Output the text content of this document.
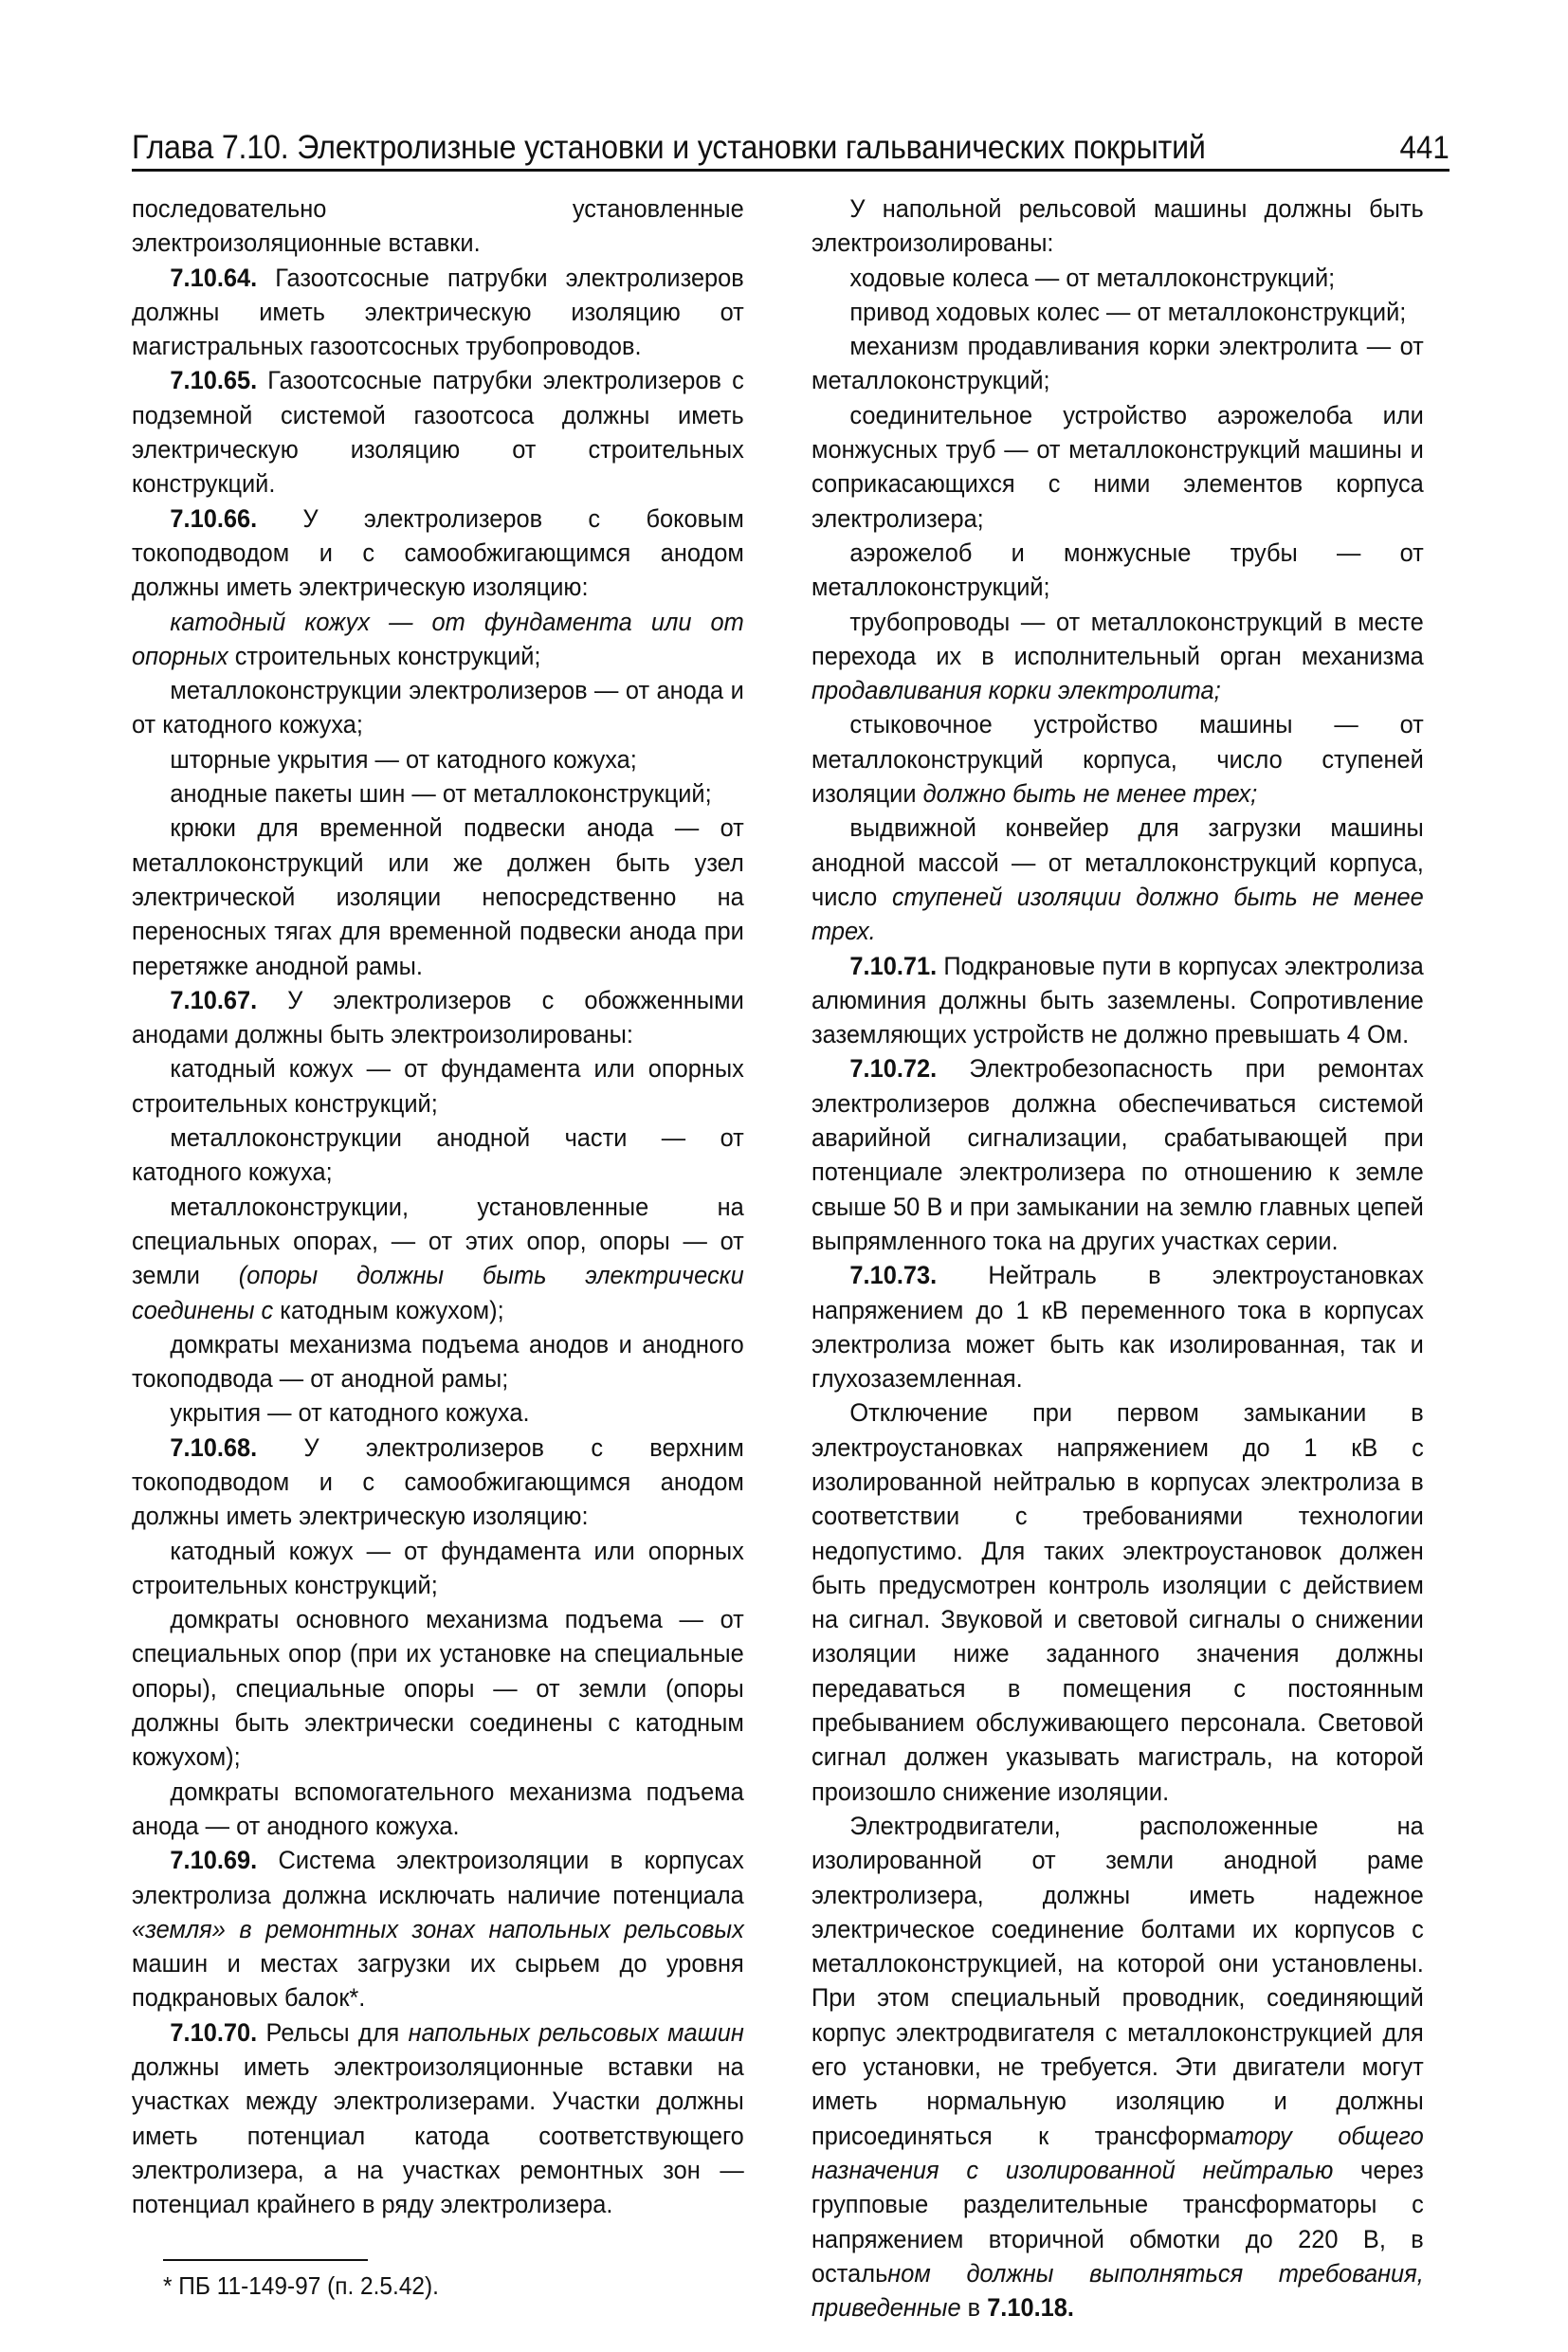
Глава 7.10. Электролизные установки и установки гальванических покрытий	441

последовательно установленные электроизоляционные вставки.

7.10.64. Газоотсосные патрубки электролизеров должны иметь электрическую изоляцию от магистральных газоотсосных трубопроводов.

7.10.65. Газоотсосные патрубки электролизеров с подземной системой газоотсоса должны иметь электрическую изоляцию от строительных конструкций.

7.10.66. У электролизеров с боковым токоподводом и с самообжигающимся анодом должны иметь электрическую изоляцию:

катодный кожух — от фундамента или от опорных строительных конструкций;

металлоконструкции электролизеров — от анода и от катодного кожуха;

шторные укрытия — от катодного кожуха;

анодные пакеты шин — от металлоконструкций;

крюки для временной подвески анода — от металлоконструкций или же должен быть узел электрической изоляции непосредственно на переносных тягах для временной подвески анода при перетяжке анодной рамы.

7.10.67. У электролизеров с обожженными анодами должны быть электроизолированы:

катодный кожух — от фундамента или опорных строительных конструкций;

металлоконструкции анодной части — от катодного кожуха;

металлоконструкции, установленные на специальных опорах, — от этих опор, опоры — от земли (опоры должны быть электрически соединены с катодным кожухом);

домкраты механизма подъема анодов и анодного токоподвода — от анодной рамы;

укрытия — от катодного кожуха.

7.10.68. У электролизеров с верхним токоподводом и с самообжигающимся анодом должны иметь электрическую изоляцию:

катодный кожух — от фундамента или опорных строительных конструкций;

домкраты основного механизма подъема — от специальных опор (при их установке на специальные опоры), специальные опоры — от земли (опоры должны быть электрически соединены с катодным кожухом);

домкраты вспомогательного механизма подъема анода — от анодного кожуха.

7.10.69. Система электроизоляции в корпусах электролиза должна исключать наличие потенциала «земля» в ремонтных зонах напольных рельсовых машин и местах загрузки их сырьем до уровня подкрановых балок*.

7.10.70. Рельсы для напольных рельсовых машин должны иметь электроизоляционные вставки на участках между электролизерами. Участки должны иметь потенциал катода соответствующего электролизера, а на участках ремонтных зон — потенциал крайнего в ряду электролизера.

У напольной рельсовой машины должны быть электроизолированы:

ходовые колеса — от металлоконструкций;

привод ходовых колес — от металлоконструкций;

механизм продавливания корки электролита — от металлоконструкций;

соединительное устройство аэрожелоба или монжусных труб — от металлоконструкций машины и соприкасающихся с ними элементов корпуса электролизера;

аэрожелоб и монжусные трубы — от металлоконструкций;

трубопроводы — от металлоконструкций в месте перехода их в исполнительный орган механизма продавливания корки электролита;

стыковочное устройство машины — от металлоконструкций корпуса, число ступеней изоляции должно быть не менее трех;

выдвижной конвейер для загрузки машины анодной массой — от металлоконструкций корпуса, число ступеней изоляции должно быть не менее трех.

7.10.71. Подкрановые пути в корпусах электролиза алюминия должны быть заземлены. Сопротивление заземляющих устройств не должно превышать 4 Ом.

7.10.72. Электробезопасность при ремонтах электролизеров должна обеспечиваться системой аварийной сигнализации, срабатывающей при потенциале электролизера по отношению к земле свыше 50 В и при замыкании на землю главных цепей выпрямленного тока на других участках серии.

7.10.73. Нейтраль в электроустановках напряжением до 1 кВ переменного тока в корпусах электролиза может быть как изолированная, так и глухозаземленная.

Отключение при первом замыкании в электроустановках напряжением до 1 кВ с изолированной нейтралью в корпусах электролиза в соответствии с требованиями технологии недопустимо. Для таких электроустановок должен быть предусмотрен контроль изоляции с действием на сигнал. Звуковой и световой сигналы о снижении изоляции ниже заданного значения должны передаваться в помещения с постоянным пребыванием обслуживающего персонала. Световой сигнал должен указывать магистраль, на которой произошло снижение изоляции.

Электродвигатели, расположенные на изолированной от земли анодной раме электролизера, должны иметь надежное электрическое соединение болтами их корпусов с металлоконструкцией, на которой они установлены. При этом специальный проводник, соединяющий корпус электродвигателя с металлоконструкцией для его установки, не требуется. Эти двигатели могут иметь нормальную изоляцию и должны присоединяться к трансформатору общего назначения с изолированной нейтралью через групповые разделительные трансформаторы с напряжением вторичной обмотки до 220 В, в остальном должны выполняться требования, приведенные в 7.10.18.

* ПБ 11-149-97 (п. 2.5.42).
